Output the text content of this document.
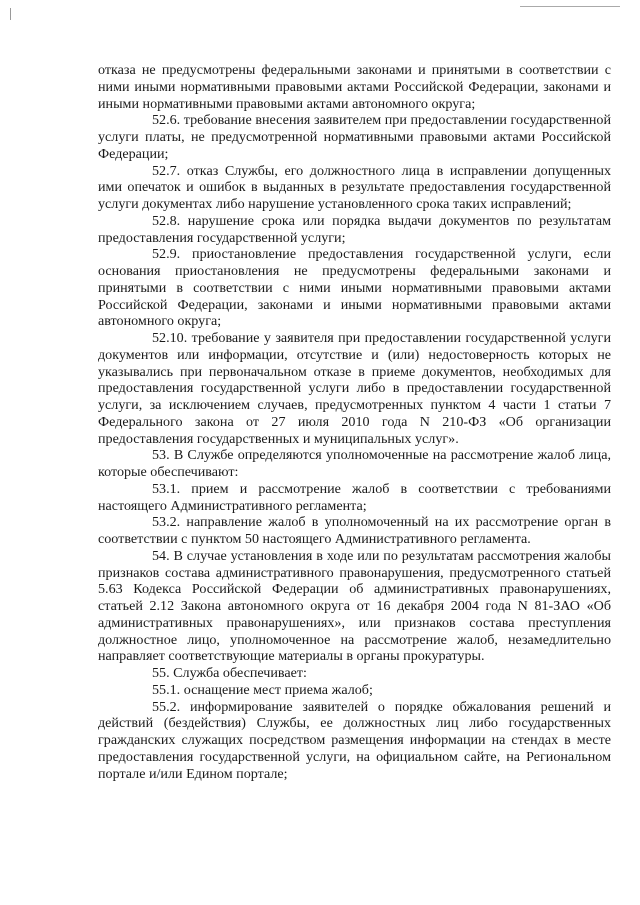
отказа не предусмотрены федеральными законами и принятыми в соответствии с ними иными нормативными правовыми актами Российской Федерации, законами и иными нормативными правовыми актами автономного округа;

52.6. требование внесения заявителем при предоставлении государственной услуги платы, не предусмотренной нормативными правовыми актами Российской Федерации;

52.7. отказ Службы, его должностного лица в исправлении допущенных ими опечаток и ошибок в выданных в результате предоставления государственной услуги документах либо нарушение установленного срока таких исправлений;

52.8. нарушение срока или порядка выдачи документов по результатам предоставления государственной услуги;

52.9. приостановление предоставления государственной услуги, если основания приостановления не предусмотрены федеральными законами и принятыми в соответствии с ними иными нормативными правовыми актами Российской Федерации, законами и иными нормативными правовыми актами автономного округа;

52.10. требование у заявителя при предоставлении государственной услуги документов или информации, отсутствие и (или) недостоверность которых не указывались при первоначальном отказе в приеме документов, необходимых для предоставления государственной услуги либо в предоставлении государственной услуги, за исключением случаев, предусмотренных пунктом 4 части 1 статьи 7 Федерального закона от 27 июля 2010 года N 210-ФЗ «Об организации предоставления государственных и муниципальных услуг».

53. В Службе определяются уполномоченные на рассмотрение жалоб лица, которые обеспечивают:

53.1. прием и рассмотрение жалоб в соответствии с требованиями настоящего Административного регламента;

53.2. направление жалоб в уполномоченный на их рассмотрение орган в соответствии с пунктом 50 настоящего Административного регламента.

54. В случае установления в ходе или по результатам рассмотрения жалобы признаков состава административного правонарушения, предусмотренного статьей 5.63 Кодекса Российской Федерации об административных правонарушениях, статьей 2.12 Закона автономного округа от 16 декабря 2004 года N 81-ЗАО «Об административных правонарушениях», или признаков состава преступления должностное лицо, уполномоченное на рассмотрение жалоб, незамедлительно направляет соответствующие материалы в органы прокуратуры.

55. Служба обеспечивает:

55.1. оснащение мест приема жалоб;

55.2. информирование заявителей о порядке обжалования решений и действий (бездействия) Службы, ее должностных лиц либо государственных гражданских служащих посредством размещения информации на стендах в месте предоставления государственной услуги, на официальном сайте, на Региональном портале и/или Едином портале;
